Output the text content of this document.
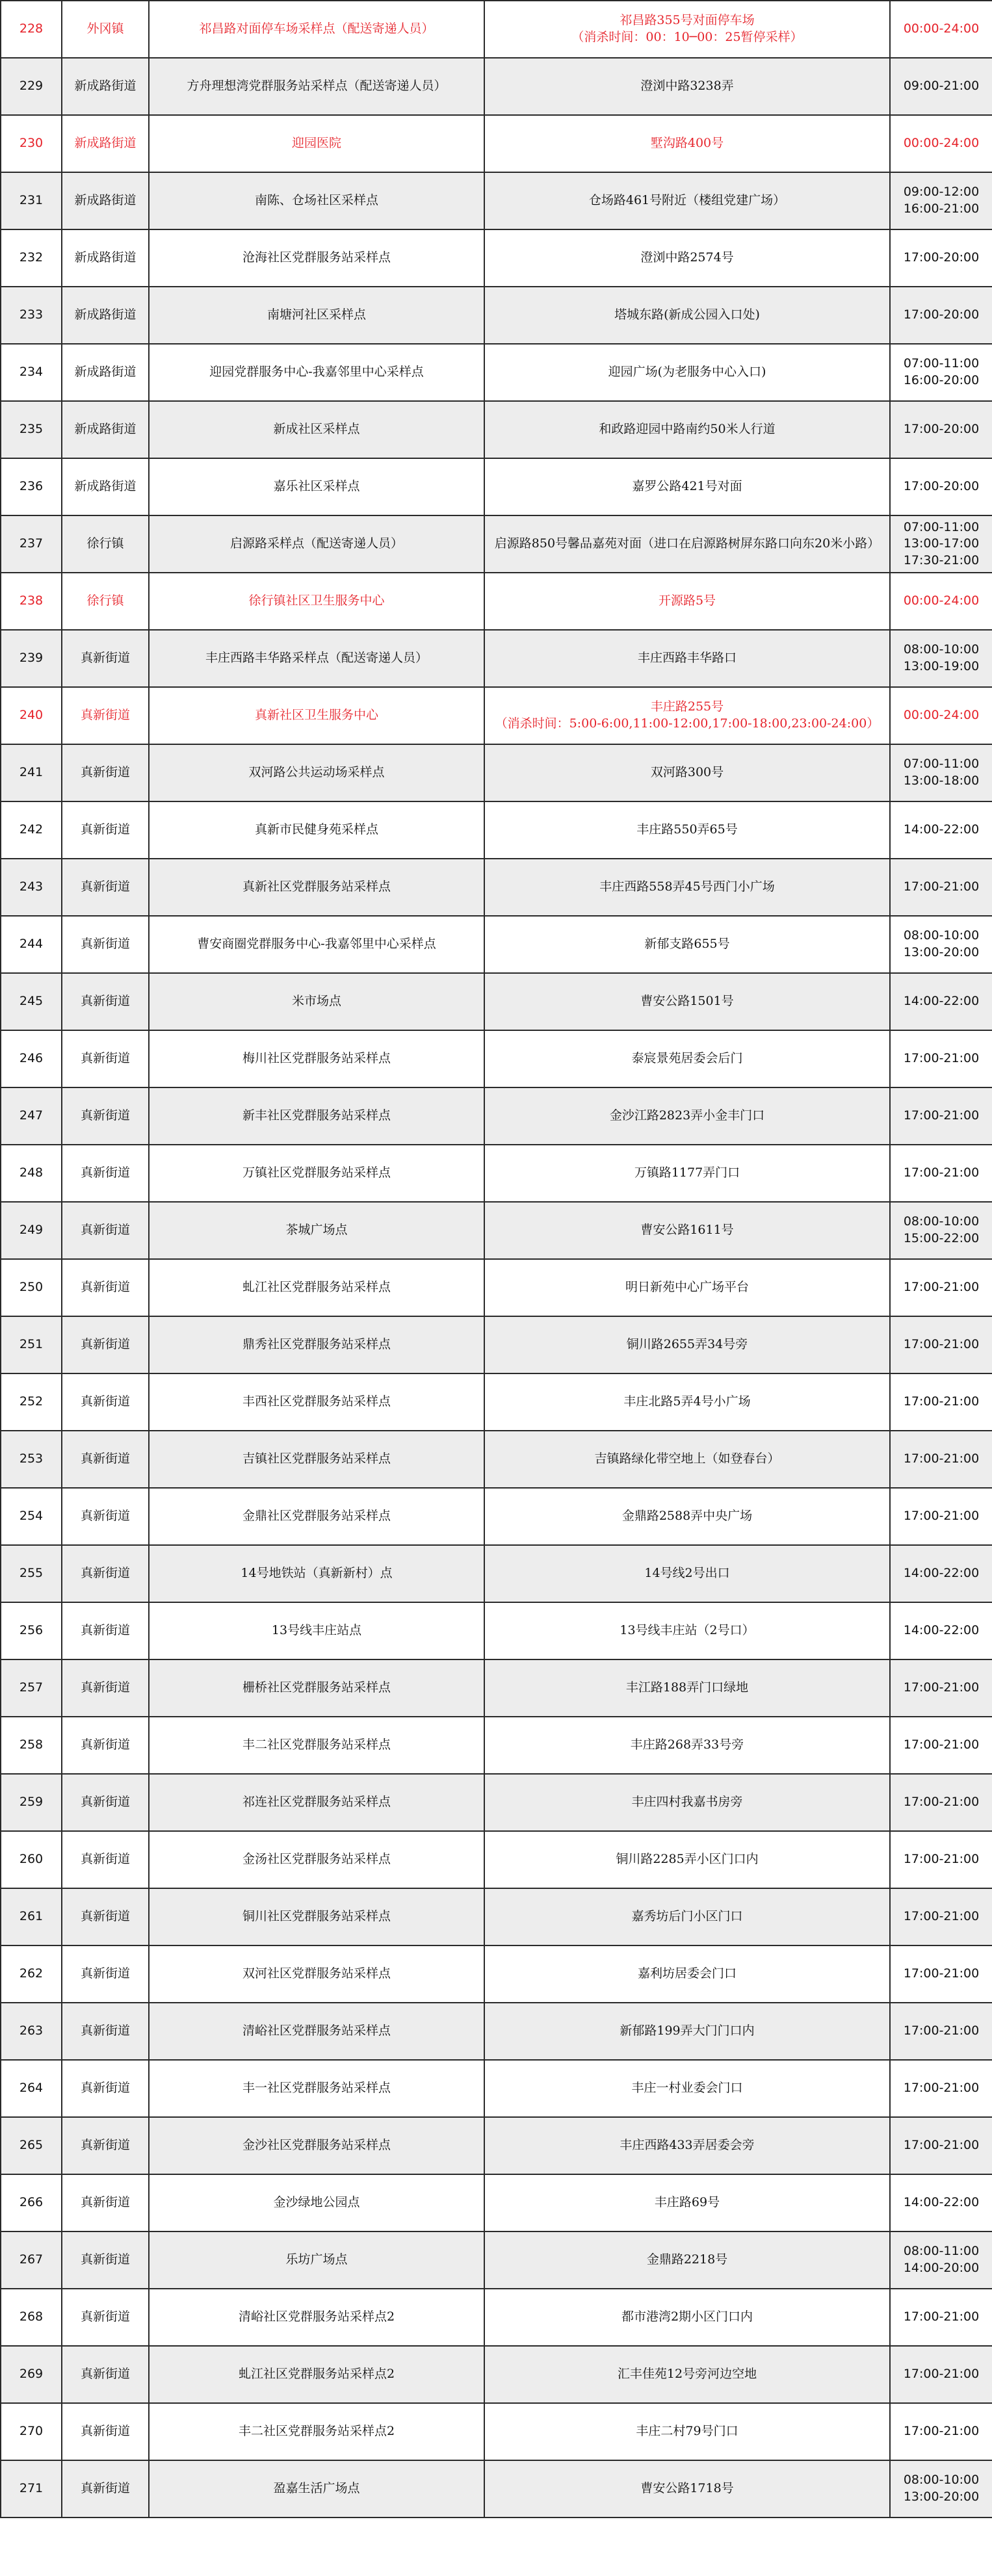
228	外冈镇	祁昌路对面停车场采样点（配送寄递人员）	祁昌路355号对面停车场
（消杀时间：00：10─00：25暂停采样）	00:00-24:00

229	新成路街道	方舟理想湾党群服务站采样点（配送寄递人员）	澄浏中路3238弄	09:00-21:00

230	新成路街道	迎园医院	墅沟路400号	00:00-24:00

231	新成路街道	南陈、仓场社区采样点	仓场路461号附近（楼组党建广场）	09:00-12:00
16:00-21:00

232	新成路街道	沧海社区党群服务站采样点	澄浏中路2574号	17:00-20:00

233	新成路街道	南塘河社区采样点	塔城东路(新成公园入口处)	17:00-20:00

234	新成路街道	迎园党群服务中心-我嘉邻里中心采样点	迎园广场(为老服务中心入口)	07:00-11:00
16:00-20:00

235	新成路街道	新成社区采样点	和政路迎园中路南约50米人行道	17:00-20:00

236	新成路街道	嘉乐社区采样点	嘉罗公路421号对面	17:00-20:00

237	徐行镇	启源路采样点（配送寄递人员）	启源路850号馨品嘉苑对面（进口在启源路树屏东路口向东20米小路）	07:00-11:00
13:00-17:00
17:30-21:00

238	徐行镇	徐行镇社区卫生服务中心	开源路5号	00:00-24:00

239	真新街道	丰庄西路丰华路采样点（配送寄递人员）	丰庄西路丰华路口	08:00-10:00
13:00-19:00

240	真新街道	真新社区卫生服务中心	丰庄路255号
（消杀时间：5:00-6:00,11:00-12:00,17:00-18:00,23:00-24:00）	00:00-24:00

241	真新街道	双河路公共运动场采样点	双河路300号	07:00-11:00
13:00-18:00

242	真新街道	真新市民健身苑采样点	丰庄路550弄65号	14:00-22:00

243	真新街道	真新社区党群服务站采样点	丰庄西路558弄45号西门小广场	17:00-21:00

244	真新街道	曹安商圈党群服务中心-我嘉邻里中心采样点	新郁支路655号	08:00-10:00
13:00-20:00

245	真新街道	米市场点	曹安公路1501号	14:00-22:00

246	真新街道	梅川社区党群服务站采样点	泰宸景苑居委会后门	17:00-21:00

247	真新街道	新丰社区党群服务站采样点	金沙江路2823弄小金丰门口	17:00-21:00

248	真新街道	万镇社区党群服务站采样点	万镇路1177弄门口	17:00-21:00

249	真新街道	茶城广场点	曹安公路1611号	08:00-10:00
15:00-22:00

250	真新街道	虬江社区党群服务站采样点	明日新苑中心广场平台	17:00-21:00

251	真新街道	鼎秀社区党群服务站采样点	铜川路2655弄34号旁	17:00-21:00

252	真新街道	丰西社区党群服务站采样点	丰庄北路5弄4号小广场	17:00-21:00

253	真新街道	吉镇社区党群服务站采样点	吉镇路绿化带空地上（如登春台）	17:00-21:00

254	真新街道	金鼎社区党群服务站采样点	金鼎路2588弄中央广场	17:00-21:00

255	真新街道	14号地铁站（真新新村）点	14号线2号出口	14:00-22:00

256	真新街道	13号线丰庄站点	13号线丰庄站（2号口）	14:00-22:00

257	真新街道	栅桥社区党群服务站采样点	丰江路188弄门口绿地	17:00-21:00

258	真新街道	丰二社区党群服务站采样点	丰庄路268弄33号旁	17:00-21:00

259	真新街道	祁连社区党群服务站采样点	丰庄四村我嘉书房旁	17:00-21:00

260	真新街道	金汤社区党群服务站采样点	铜川路2285弄小区门口内	17:00-21:00

261	真新街道	铜川社区党群服务站采样点	嘉秀坊后门小区门口	17:00-21:00

262	真新街道	双河社区党群服务站采样点	嘉利坊居委会门口	17:00-21:00

263	真新街道	清峪社区党群服务站采样点	新郁路199弄大门门口内	17:00-21:00

264	真新街道	丰一社区党群服务站采样点	丰庄一村业委会门口	17:00-21:00

265	真新街道	金沙社区党群服务站采样点	丰庄西路433弄居委会旁	17:00-21:00

266	真新街道	金沙绿地公园点	丰庄路69号	14:00-22:00

267	真新街道	乐坊广场点	金鼎路2218号	08:00-11:00
14:00-20:00

268	真新街道	清峪社区党群服务站采样点2	都市港湾2期小区门口内	17:00-21:00

269	真新街道	虬江社区党群服务站采样点2	汇丰佳苑12号旁河边空地	17:00-21:00

270	真新街道	丰二社区党群服务站采样点2	丰庄二村79号门口	17:00-21:00

271	真新街道	盈嘉生活广场点	曹安公路1718号	08:00-10:00
13:00-20:00
